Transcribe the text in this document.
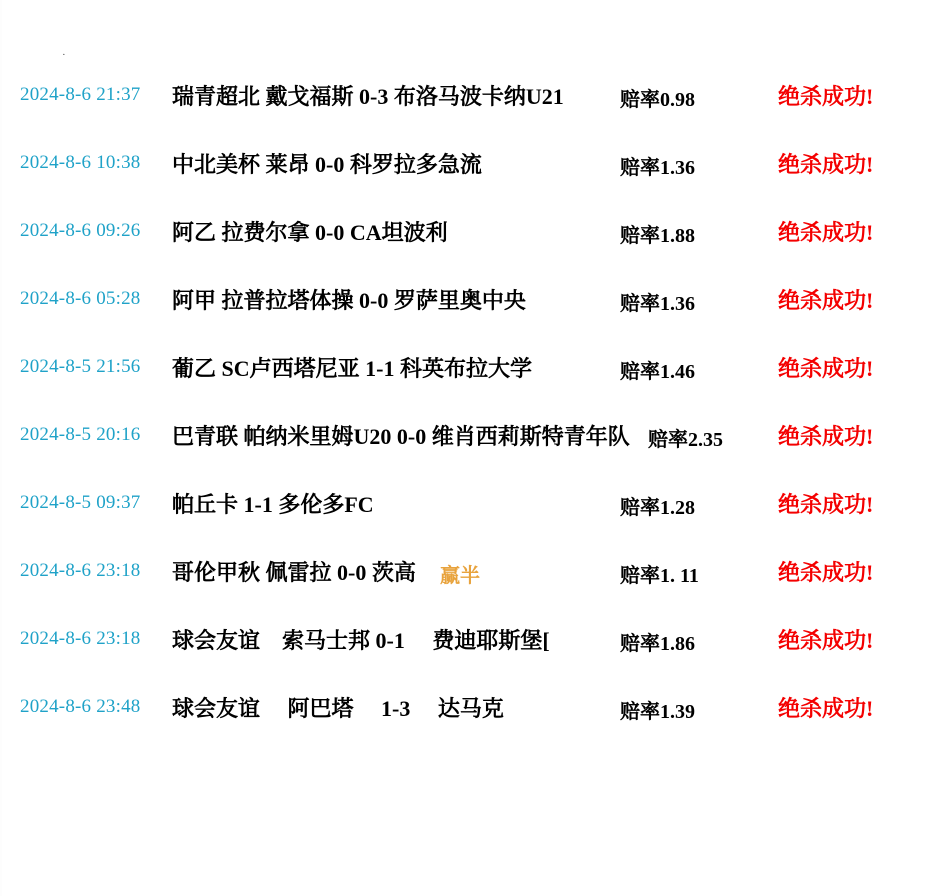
·
2024-8-6 21:37 瑞青超北 戴戈福斯 0-3 布洛马波卡纳U21	赔率0.98	绝杀成功!
2024-8-6 10:38 中北美杯 莱昂 0-0 科罗拉多急流	赔率1.36	绝杀成功!
2024-8-6 09:26 阿乙 拉费尔拿 0-0 CA坦波利	赔率1.88	绝杀成功!
2024-8-6 05:28 阿甲 拉普拉塔体操 0-0 罗萨里奥中央	赔率1.36	绝杀成功!
2024-8-5 21:56 葡乙 SC卢西塔尼亚 1-1 科英布拉大学	赔率1.46	绝杀成功!
2024-8-5 20:16 巴青联 帕纳米里姆U20 0-0 维肖西莉斯特青年队 赔率2.35	绝杀成功!
2024-8-5 09:37 帕丘卡 1-1 多伦多FC	赔率1.28	绝杀成功!
2024-8-6 23:18 哥伦甲秋 佩雷拉 0-0 茨高 赢半	赔率1. 11	绝杀成功!
2024-8-6 23:18 球会友谊　索马士邦 0-1 　费迪耶斯堡[	赔率1.86	绝杀成功!
2024-8-6 23:48 球会友谊　 阿巴塔　 1-3 　达马克	赔率1.39	绝杀成功!
